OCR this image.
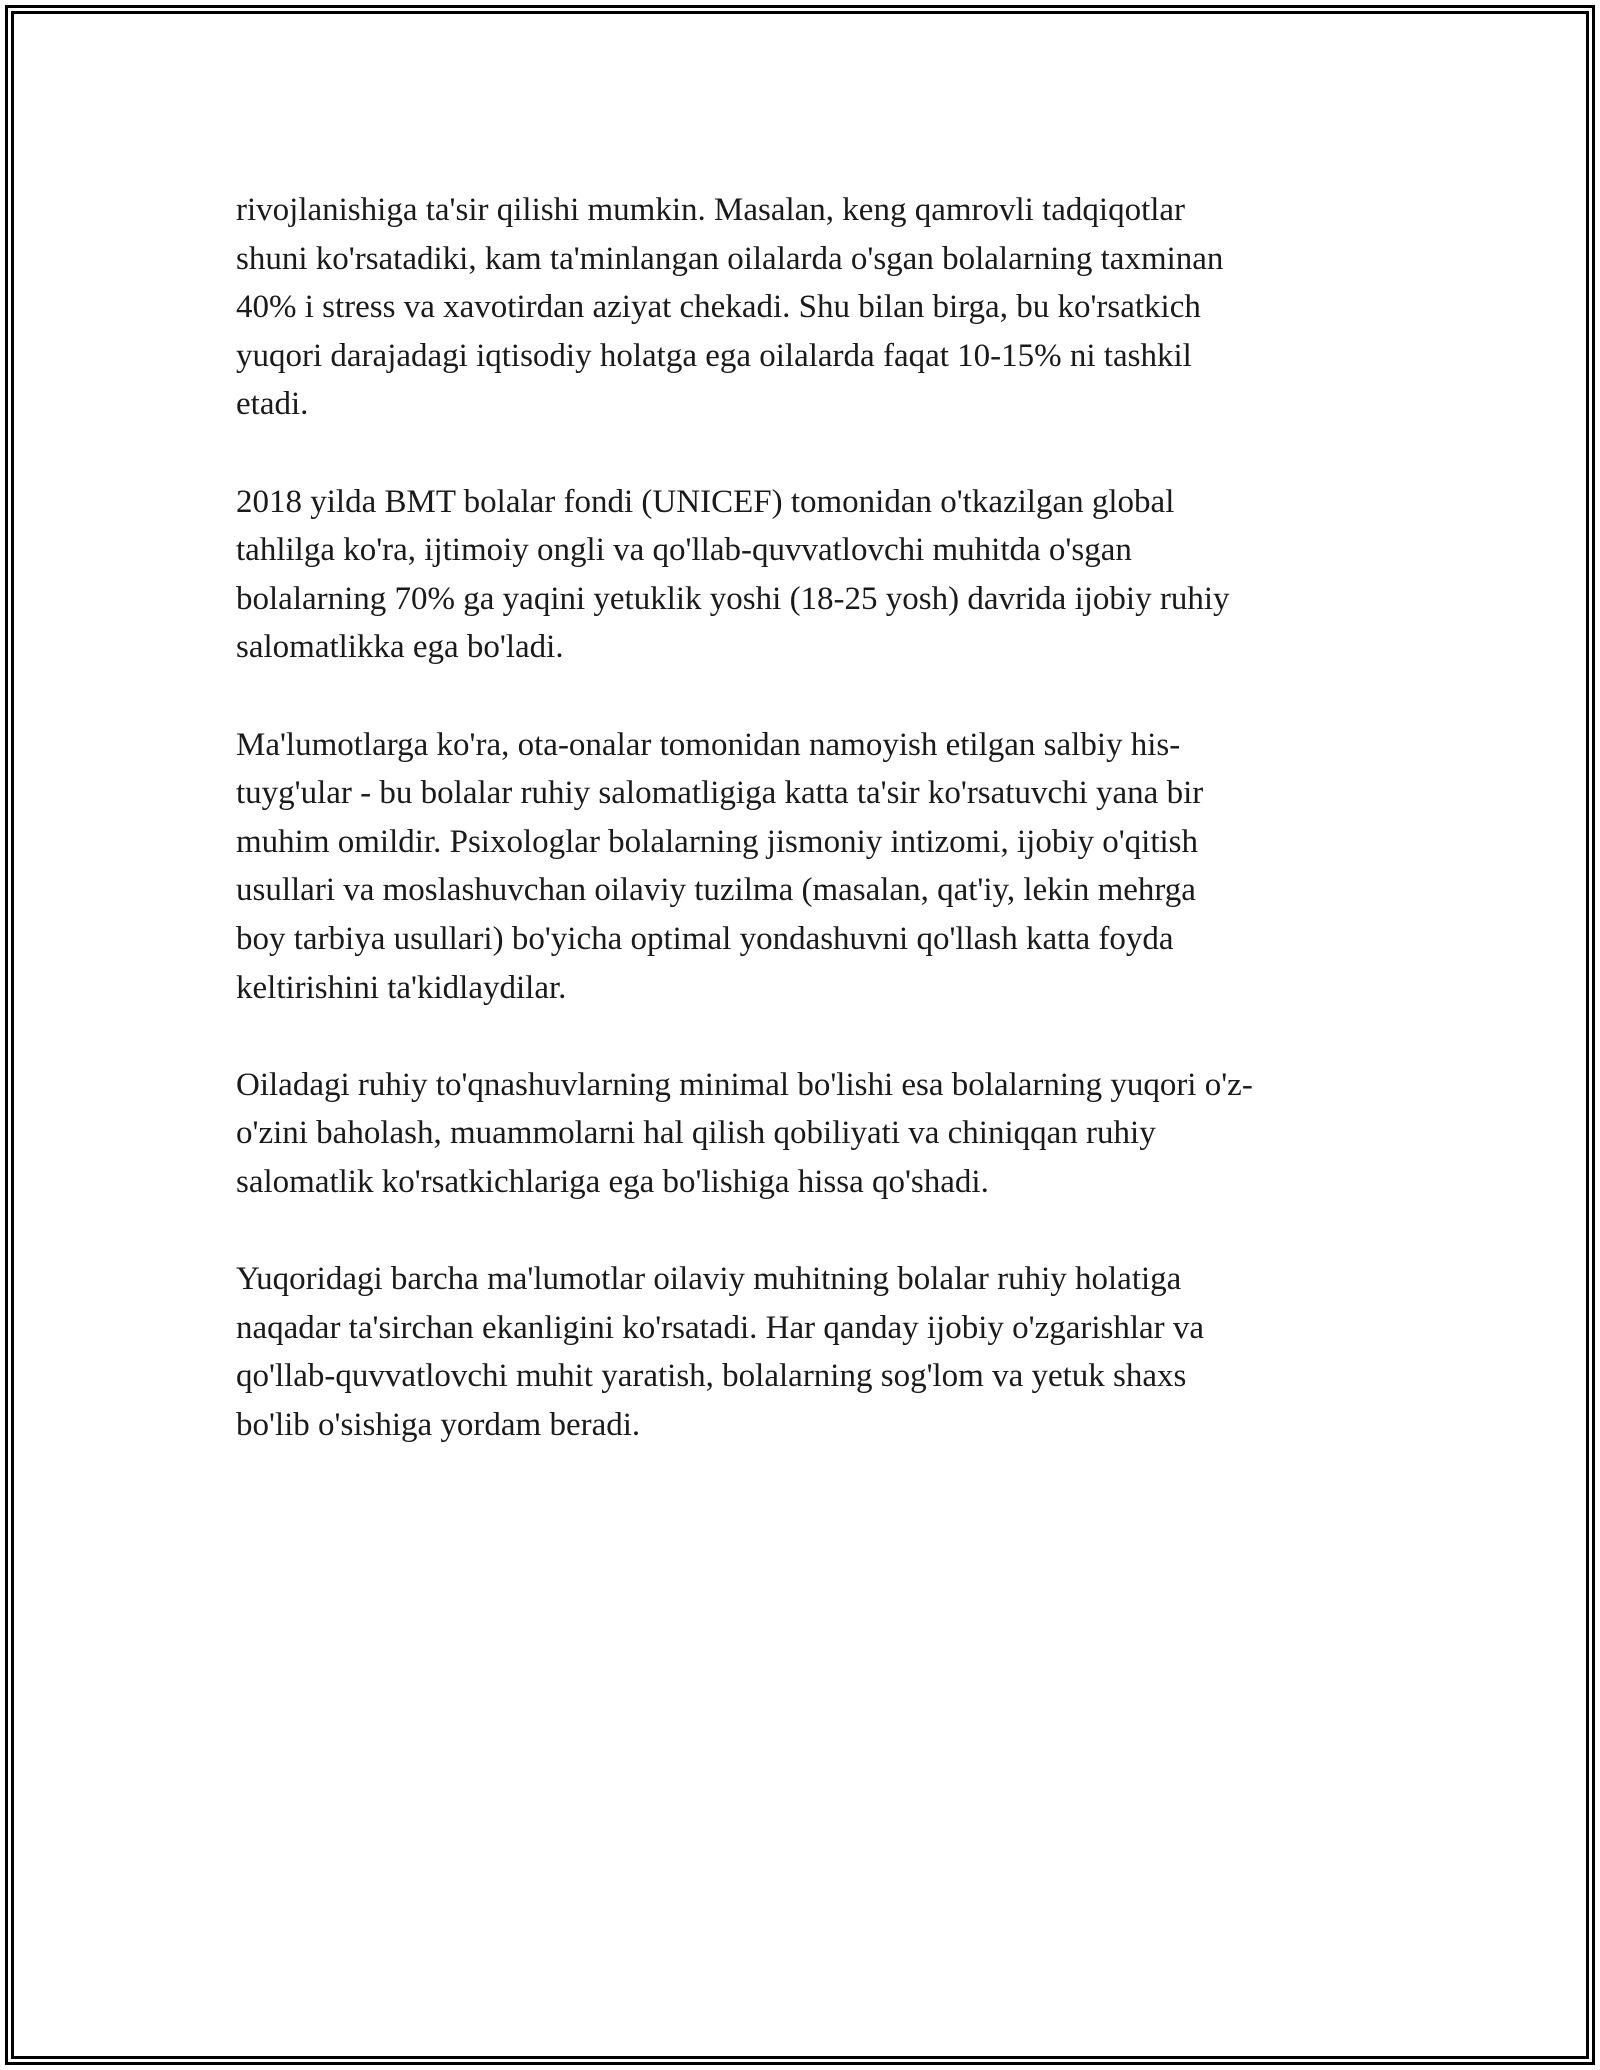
rivojlanishiga ta'sir qilishi mumkin. Masalan, keng qamrovli tadqiqotlar
shuni ko'rsatadiki, kam ta'minlangan oilalarda o'sgan bolalarning taxminan
40% i stress va xavotirdan aziyat chekadi. Shu bilan birga, bu ko'rsatkich
yuqori darajadagi iqtisodiy holatga ega oilalarda faqat 10-15% ni tashkil
etadi.

2018 yilda BMT bolalar fondi (UNICEF) tomonidan o'tkazilgan global
tahlilga ko'ra, ijtimoiy ongli va qo'llab-quvvatlovchi muhitda o'sgan
bolalarning 70% ga yaqini yetuklik yoshi (18-25 yosh) davrida ijobiy ruhiy
salomatlikka ega bo'ladi.

Ma'lumotlarga ko'ra, ota-onalar tomonidan namoyish etilgan salbiy his-
tuyg'ular - bu bolalar ruhiy salomatligiga katta ta'sir ko'rsatuvchi yana bir
muhim omildir. Psixologlar bolalarning jismoniy intizomi, ijobiy o'qitish
usullari va moslashuvchan oilaviy tuzilma (masalan, qat'iy, lekin mehrga
boy tarbiya usullari) bo'yicha optimal yondashuvni qo'llash katta foyda
keltirishini ta'kidlaydilar.

Oiladagi ruhiy to'qnashuvlarning minimal bo'lishi esa bolalarning yuqori o'z-
o'zini baholash, muammolarni hal qilish qobiliyati va chiniqqan ruhiy
salomatlik ko'rsatkichlariga ega bo'lishiga hissa qo'shadi.

Yuqoridagi barcha ma'lumotlar oilaviy muhitning bolalar ruhiy holatiga
naqadar ta'sirchan ekanligini ko'rsatadi. Har qanday ijobiy o'zgarishlar va
qo'llab-quvvatlovchi muhit yaratish, bolalarning sog'lom va yetuk shaxs
bo'lib o'sishiga yordam beradi.
